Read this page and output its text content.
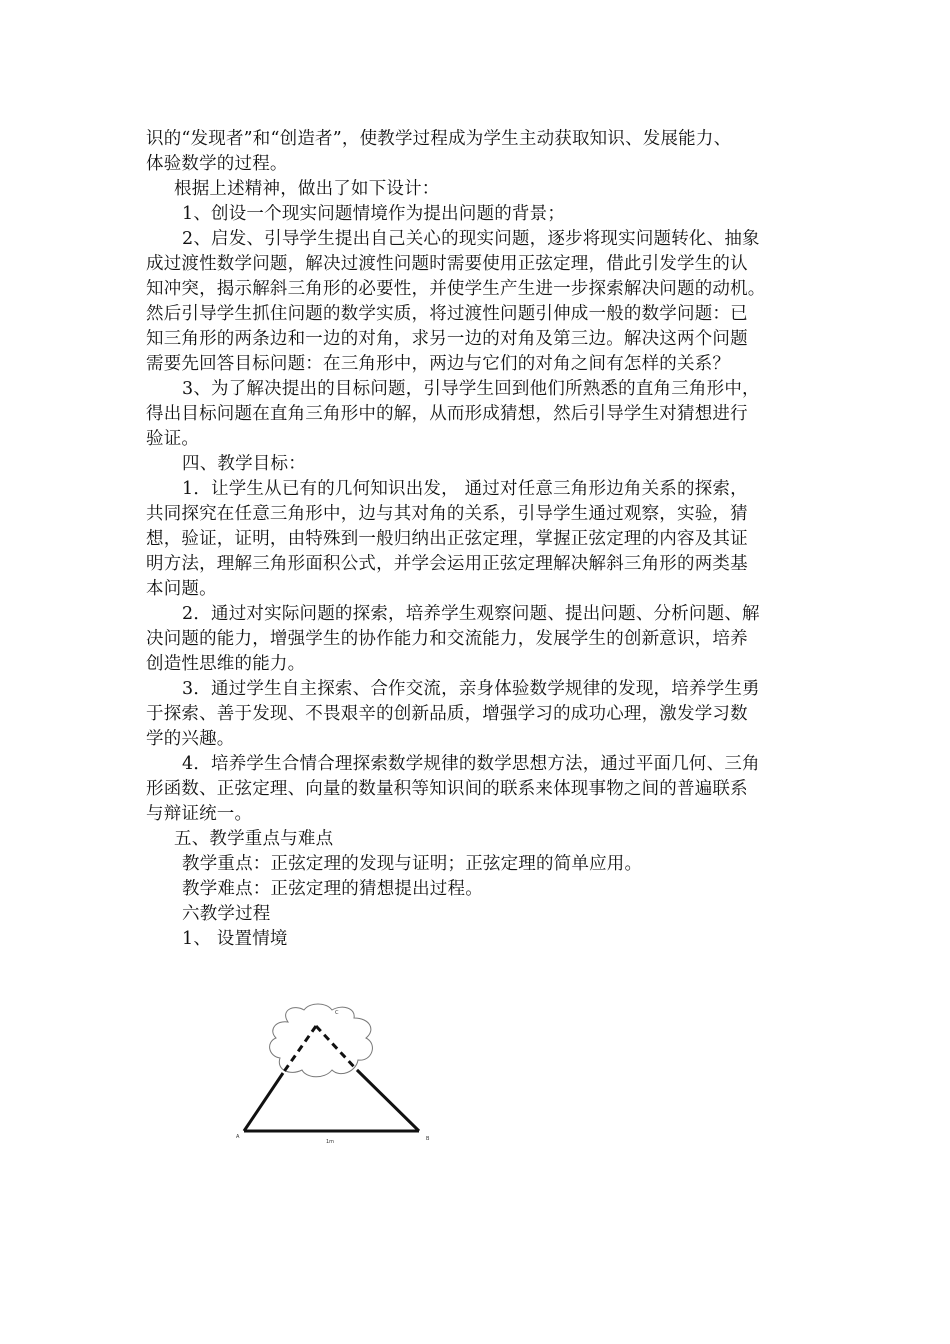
识的“发现者”和“创造者”，使教学过程成为学生主动获取知识、发展能力、
体验数学的过程。
根据上述精神，做出了如下设计：
1、创设一个现实问题情境作为提出问题的背景；
2、启发、引导学生提出自己关心的现实问题，逐步将现实问题转化、抽象
成过渡性数学问题，解决过渡性问题时需要使用正弦定理，借此引发学生的认
知冲突，揭示解斜三角形的必要性，并使学生产生进一步探索解决问题的动机。
然后引导学生抓住问题的数学实质，将过渡性问题引伸成一般的数学问题：已
知三角形的两条边和一边的对角，求另一边的对角及第三边。解决这两个问题
需要先回答目标问题：在三角形中，两边与它们的对角之间有怎样的关系？
3、为了解决提出的目标问题，引导学生回到他们所熟悉的直角三角形中，
得出目标问题在直角三角形中的解，从而形成猜想，然后引导学生对猜想进行
验证。
四、教学目标：
1．让学生从已有的几何知识出发， 通过对任意三角形边角关系的探索，
共同探究在任意三角形中，边与其对角的关系，引导学生通过观察，实验，猜
想，验证，证明，由特殊到一般归纳出正弦定理，掌握正弦定理的内容及其证
明方法，理解三角形面积公式，并学会运用正弦定理解决解斜三角形的两类基
本问题。
2．通过对实际问题的探索，培养学生观察问题、提出问题、分析问题、解
决问题的能力，增强学生的协作能力和交流能力，发展学生的创新意识，培养
创造性思维的能力。
3．通过学生自主探索、合作交流，亲身体验数学规律的发现，培养学生勇
于探索、善于发现、不畏艰辛的创新品质，增强学习的成功心理，激发学习数
学的兴趣。
4．培养学生合情合理探索数学规律的数学思想方法，通过平面几何、三角
形函数、正弦定理、向量的数量积等知识间的联系来体现事物之间的普遍联系
与辩证统一。
五、教学重点与难点
教学重点：正弦定理的发现与证明；正弦定理的简单应用。
教学难点：正弦定理的猜想提出过程。
六教学过程
1、 设置情境
A	B
C
1m
